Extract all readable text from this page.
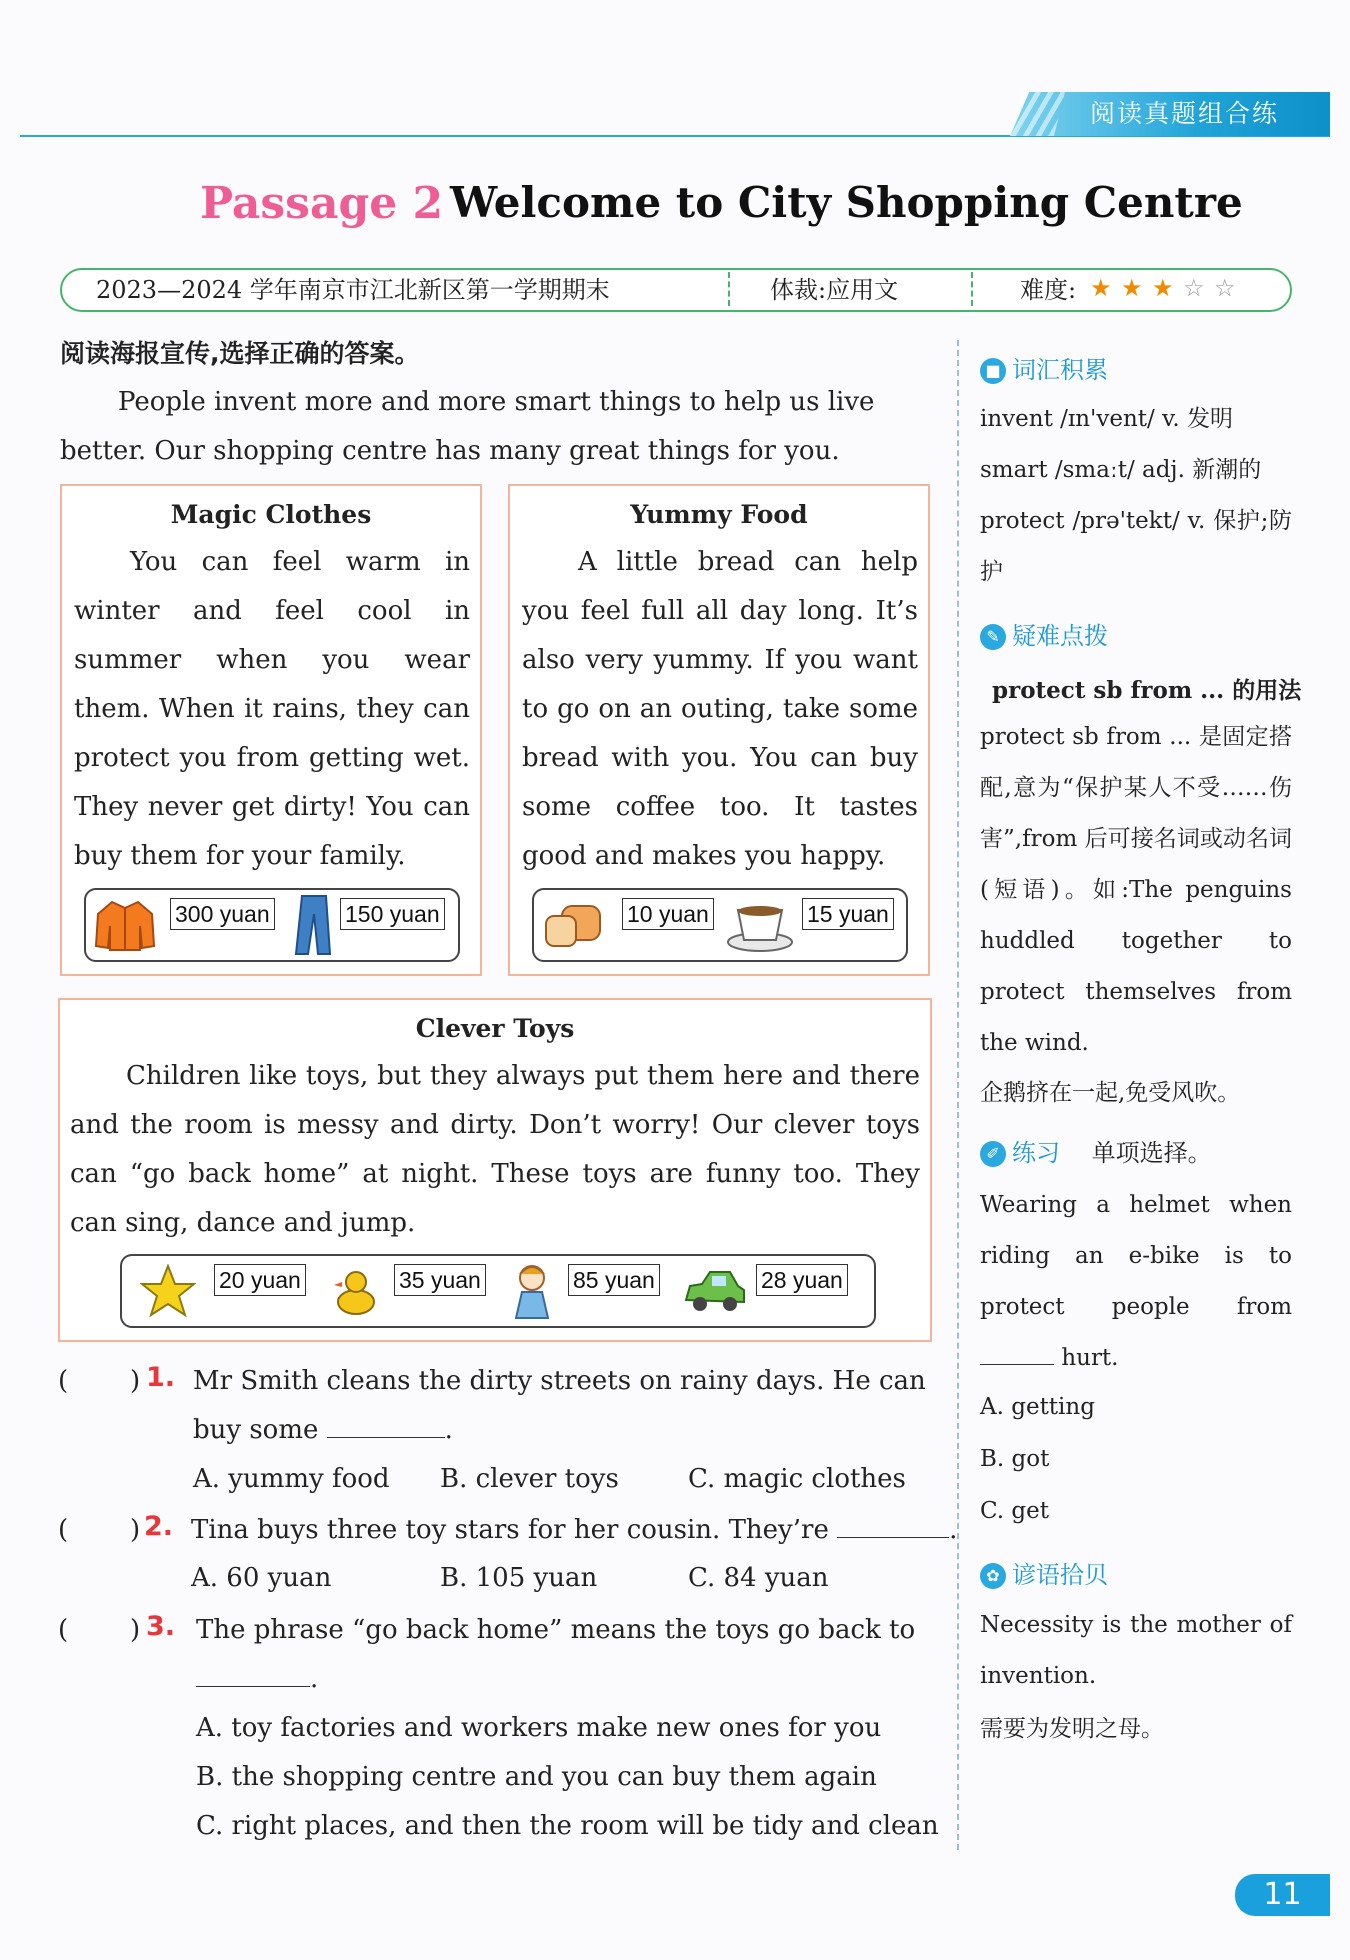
阅读真题组合练
Passage 2 Welcome to City Shopping Centre
2023—2024 学年南京市江北新区第一学期期末	体裁:应用文	难度: ★ ★ ★ ☆ ☆
阅读海报宣传,选择正确的答案。

People invent more and more smart things to help us live better. Our shopping centre has many great things for you.

Magic Clothes

You can feel warm in winter and feel cool in summer when you wear them. When it rains, they can protect you from getting wet. They never get dirty! You can buy them for your family.

300 yuan	150 yuan
Yummy Food

A little bread can help you feel full all day long. It’s also very yummy. If you want to go on an outing, take some bread with you. You can buy some coffee too. It tastes good and makes you happy.

10 yuan	15 yuan
Clever Toys

Children like toys, but they always put them here and there and the room is messy and dirty. Don’t worry! Our clever toys can “go back home” at night. These toys are funny too. They can sing, dance and jump.

20 yuan	35 yuan	85 yuan	28 yuan
( ) 1. Mr Smith cleans the dirty streets on rainy days. He can
buy some	.
A. yummy food B. clever toys	C. magic clothes
( ) 2. Tina buys three toy stars for her cousin. They’re	.
A. 60 yuan	B. 105 yuan	C. 84 yuan
( ) 3. The phrase “go back home” means the toys go back to
.
A. toy factories and workers make new ones for you
B. the shopping centre and you can buy them again
C. right places, and then the room will be tidy and clean
■ 词汇积累
invent /ɪn'vent/ v. 发明
smart /smaːt/ adj. 新潮的
protect /prə'tekt/ v. 保护;防护
✎ 疑难点拨
protect sb from ... 的用法
protect sb from ... 是固定搭配,意为“保护某人不受……伤害”,from 后可接名词或动名词(短语)。如:The penguins huddled together to protect themselves from the wind.
企鹅挤在一起,免受风吹。
✐ 练习 单项选择。
Wearing a helmet when riding an e-bike is to protect people from  hurt.
A. getting
B. got
C. get
✿ 谚语拾贝
Necessity is the mother of invention.
需要为发明之母。
11
